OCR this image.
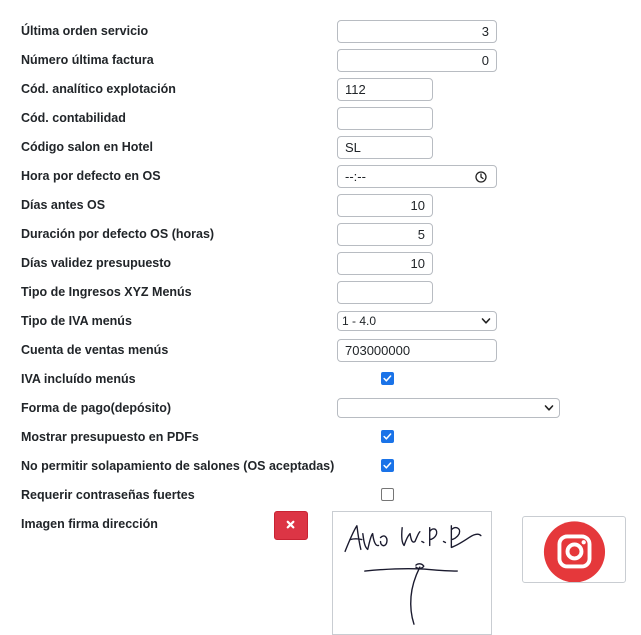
Última orden servicio
Número última factura
Cód. analítico explotación
Cód. contabilidad
Código salon en Hotel
Hora por defecto en OS
Días antes OS
Duración por defecto OS (horas)
Días validez presupuesto
Tipo de Ingresos XYZ Menús
Tipo de IVA menús
Cuenta de ventas menús
IVA incluído menús
Forma de pago(depósito)
Mostrar presupuesto en PDFs
No permitir solapamiento de salones (OS aceptadas)
Requerir contraseñas fuertes
Imagen firma dirección
3
0
112
SL
--:--
10
5
10
1 - 4.0
703000000
